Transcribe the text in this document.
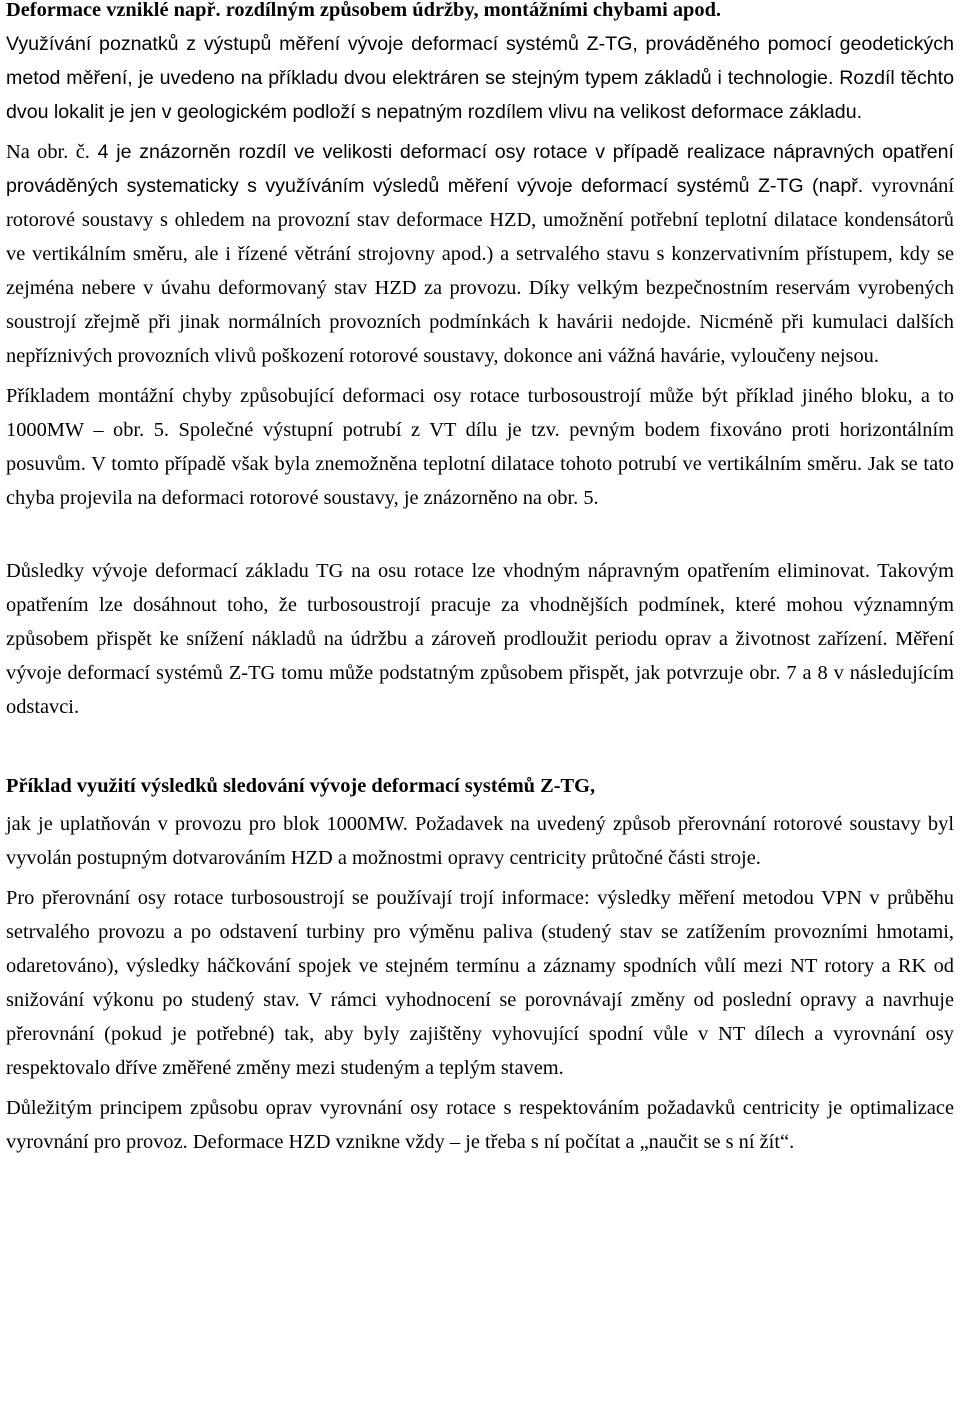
Deformace vzniklé např. rozdílným způsobem údržby, montážními chybami apod.

Využívání poznatků z výstupů měření vývoje deformací systémů Z-TG, prováděného pomocí geodetických metod měření, je uvedeno na příkladu dvou elektráren se stejným typem základů i technologie. Rozdíl těchto dvou lokalit je jen v geologickém podloží s nepatným rozdílem vlivu na velikost deformace základu.

Na obr. č. 4 je znázorněn rozdíl ve velikosti deformací osy rotace v případě realizace nápravných opatření prováděných systematicky s využíváním výsledů měření vývoje deformací systémů Z-TG (např. vyrovnání rotorové soustavy s ohledem na provozní stav deformace HZD, umožnění potřební teplotní dilatace kondensátorů ve vertikálním směru, ale i řízené větrání strojovny apod.) a setrvalého stavu s konzervativním přístupem, kdy se zejména nebere v úvahu deformovaný stav HZD za provozu. Díky velkým bezpečnostním reservám vyrobených soustrojí zřejmě při jinak normálních provozních podmínkách k havárii nedojde. Nicméně při kumulaci dalších nepříznivých provozních vlivů poškození rotorové soustavy, dokonce ani vážná havárie, vyloučeny nejsou.

Příkladem montážní chyby způsobující deformaci osy rotace turbosoustrojí může být příklad jiného bloku, a to 1000MW – obr. 5. Společné výstupní potrubí z VT dílu je tzv. pevným bodem fixováno proti horizontálním posuvům. V tomto případě však byla znemožněna teplotní dilatace tohoto potrubí ve vertikálním směru. Jak se tato chyba projevila na deformaci rotorové soustavy, je znázorněno na obr. 5.

Důsledky vývoje deformací základu TG na osu rotace lze vhodným nápravným opatřením eliminovat. Takovým opatřením lze dosáhnout toho, že turbosoustrojí pracuje za vhodnějších podmínek, které mohou významným způsobem přispět ke snížení nákladů na údržbu a zároveň prodloužit periodu oprav a životnost zařízení. Měření vývoje deformací systémů Z-TG tomu může podstatným způsobem přispět, jak potvrzuje obr. 7 a 8 v následujícím odstavci.

Příklad využití výsledků sledování vývoje deformací systémů Z-TG,

jak je uplatňován v provozu pro blok 1000MW. Požadavek na uvedený způsob přerovnání rotorové soustavy byl vyvolán postupným dotvarováním HZD a možnostmi opravy centricity průtočné části stroje.

Pro přerovnání osy rotace turbosoustrojí se používají trojí informace: výsledky měření metodou VPN v průběhu setrvalého provozu a po odstavení turbiny pro výměnu paliva (studený stav se zatížením provozními hmotami, odaretováno), výsledky háčkování spojek ve stejném termínu a záznamy spodních vůlí mezi NT rotory a RK od snižování výkonu po studený stav. V rámci vyhodnocení se porovnávají změny od poslední opravy a navrhuje přerovnání (pokud je potřebné) tak, aby byly zajištěny vyhovující spodní vůle v NT dílech a vyrovnání osy respektovalo dříve změřené změny mezi studeným a teplým stavem.

Důležitým principem způsobu oprav vyrovnání osy rotace s respektováním požadavků centricity je optimalizace vyrovnání pro provoz. Deformace HZD vznikne vždy – je třeba s ní počítat a „naučit se s ní žít“.
